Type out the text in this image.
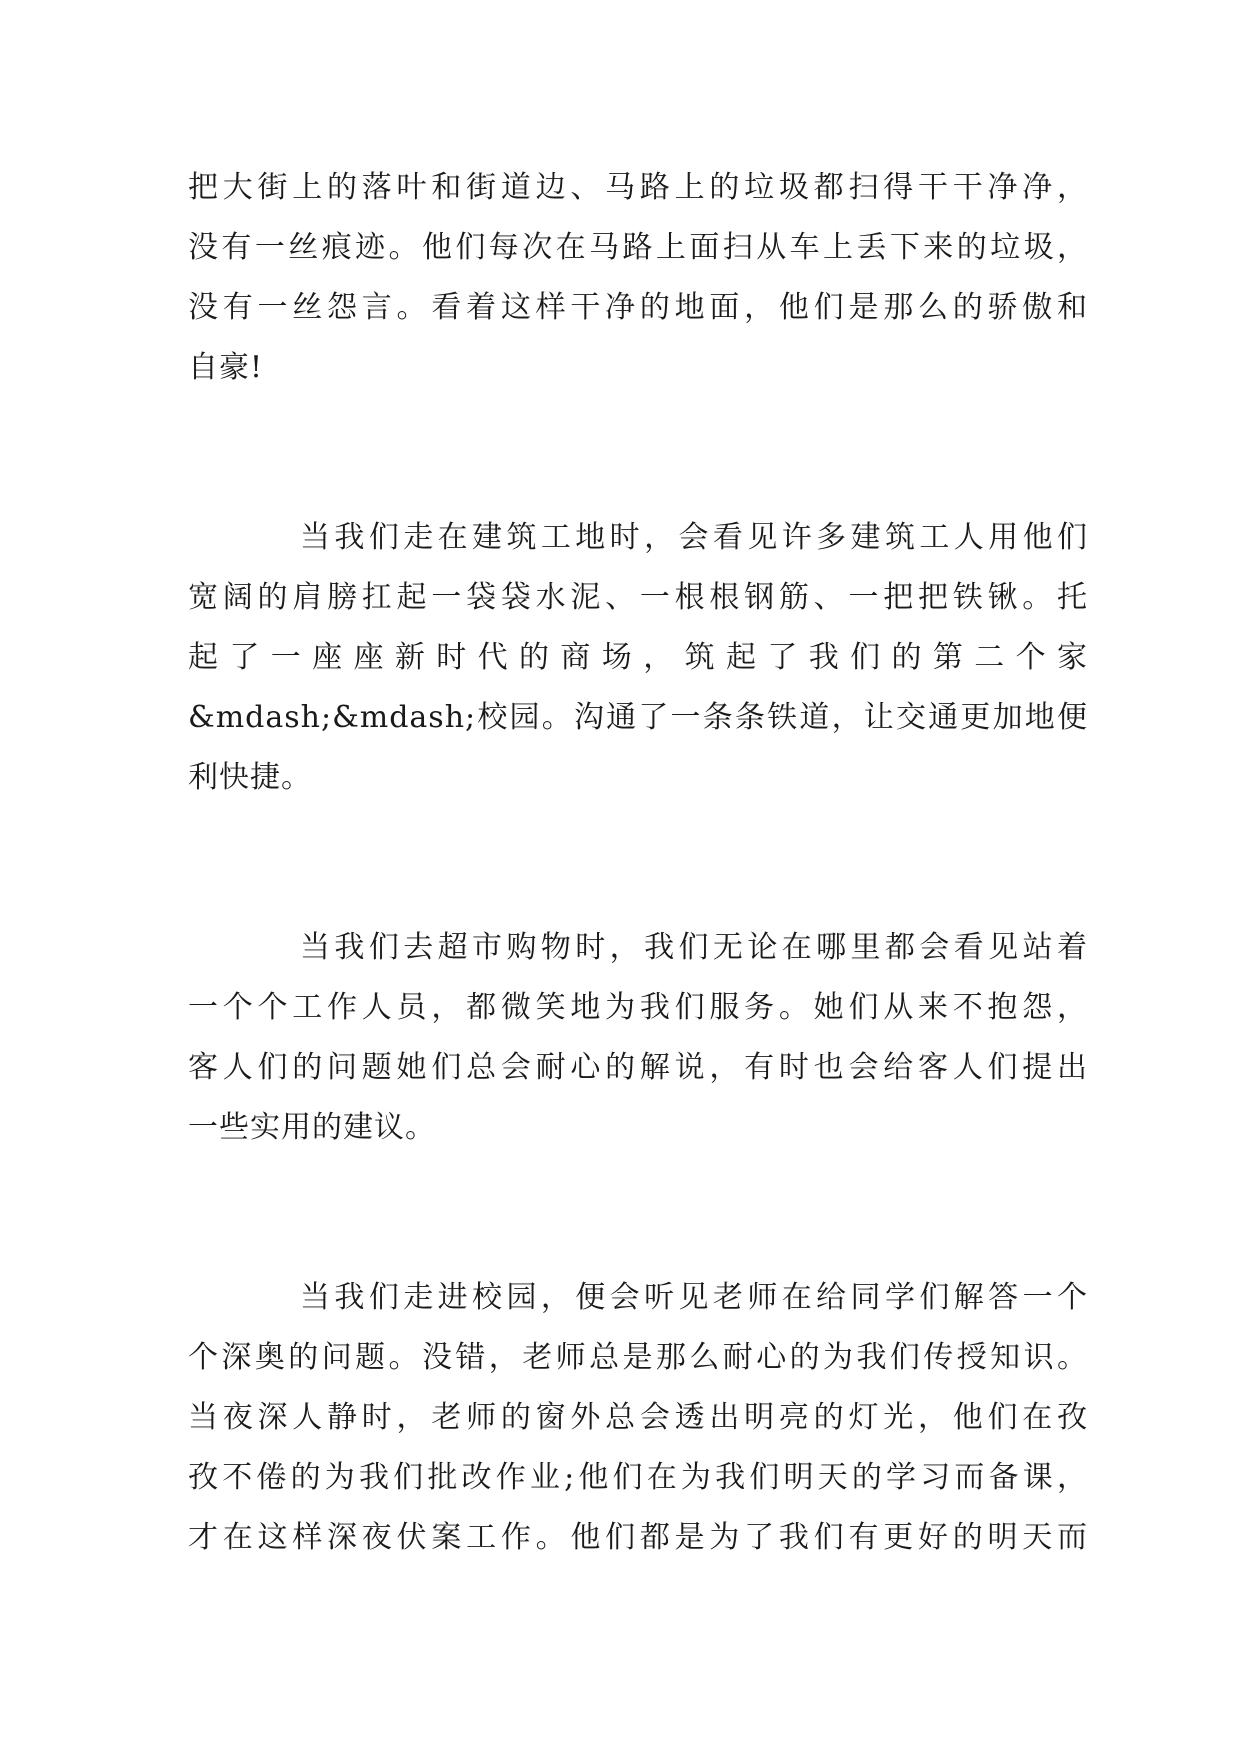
把大街上的落叶和街道边、马路上的垃圾都扫得干干净净，
没有一丝痕迹。他们每次在马路上面扫从车上丢下来的垃圾，
没有一丝怨言。看着这样干净的地面，他们是那么的骄傲和
自豪!
当我们走在建筑工地时，会看见许多建筑工人用他们
宽阔的肩膀扛起一袋袋水泥、一根根钢筋、一把把铁锹。托
起了一座座新时代的商场，筑起了我们的第二个家
&mdash;&mdash;校园。沟通了一条条铁道，让交通更加地便
利快捷。
当我们去超市购物时，我们无论在哪里都会看见站着
一个个工作人员，都微笑地为我们服务。她们从来不抱怨，
客人们的问题她们总会耐心的解说，有时也会给客人们提出
一些实用的建议。
当我们走进校园，便会听见老师在给同学们解答一个
个深奥的问题。没错，老师总是那么耐心的为我们传授知识。
当夜深人静时，老师的窗外总会透出明亮的灯光，他们在孜
孜不倦的为我们批改作业;他们在为我们明天的学习而备课，
才在这样深夜伏案工作。他们都是为了我们有更好的明天而
